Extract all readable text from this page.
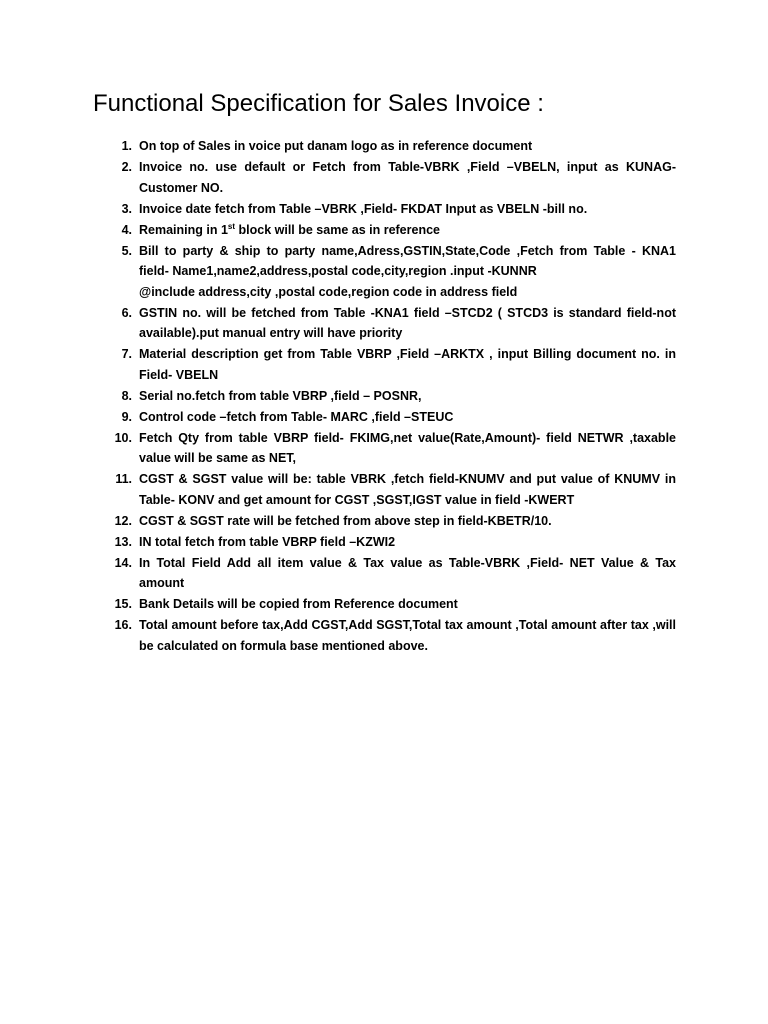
Functional Specification for Sales Invoice :
1. On top of Sales in voice put danam logo as in reference document
2. Invoice no. use default or Fetch from Table-VBRK ,Field –VBELN, input as KUNAG-Customer NO.
3. Invoice date fetch from Table –VBRK ,Field- FKDAT Input as VBELN -bill no.
4. Remaining in 1st block will be same as in reference
5. Bill to party & ship to party name,Adress,GSTIN,State,Code ,Fetch from Table - KNA1 field- Name1,name2,address,postal code,city,region .input -KUNNR
@include address,city ,postal code,region code in address field
6. GSTIN no. will be fetched from Table -KNA1 field –STCD2 ( STCD3 is standard field-not available).put manual entry will have priority
7. Material description get from Table VBRP ,Field –ARKTX , input Billing document no. in Field- VBELN
8. Serial no.fetch from table VBRP ,field – POSNR,
9. Control code –fetch from Table- MARC ,field –STEUC
10. Fetch Qty from table VBRP field- FKIMG,net value(Rate,Amount)- field NETWR ,taxable value will be same as NET,
11. CGST & SGST value will be: table VBRK ,fetch field-KNUMV and put value of KNUMV in Table- KONV and get amount for CGST ,SGST,IGST value in field -KWERT
12. CGST & SGST rate will be fetched from above step in field-KBETR/10.
13. IN total fetch from table VBRP field –KZWI2
14. In Total Field Add all item value & Tax value as Table-VBRK ,Field- NET Value & Tax amount
15. Bank Details will be copied from Reference document
16. Total amount before tax,Add CGST,Add SGST,Total tax amount ,Total amount after tax ,will be calculated on formula base mentioned above.
